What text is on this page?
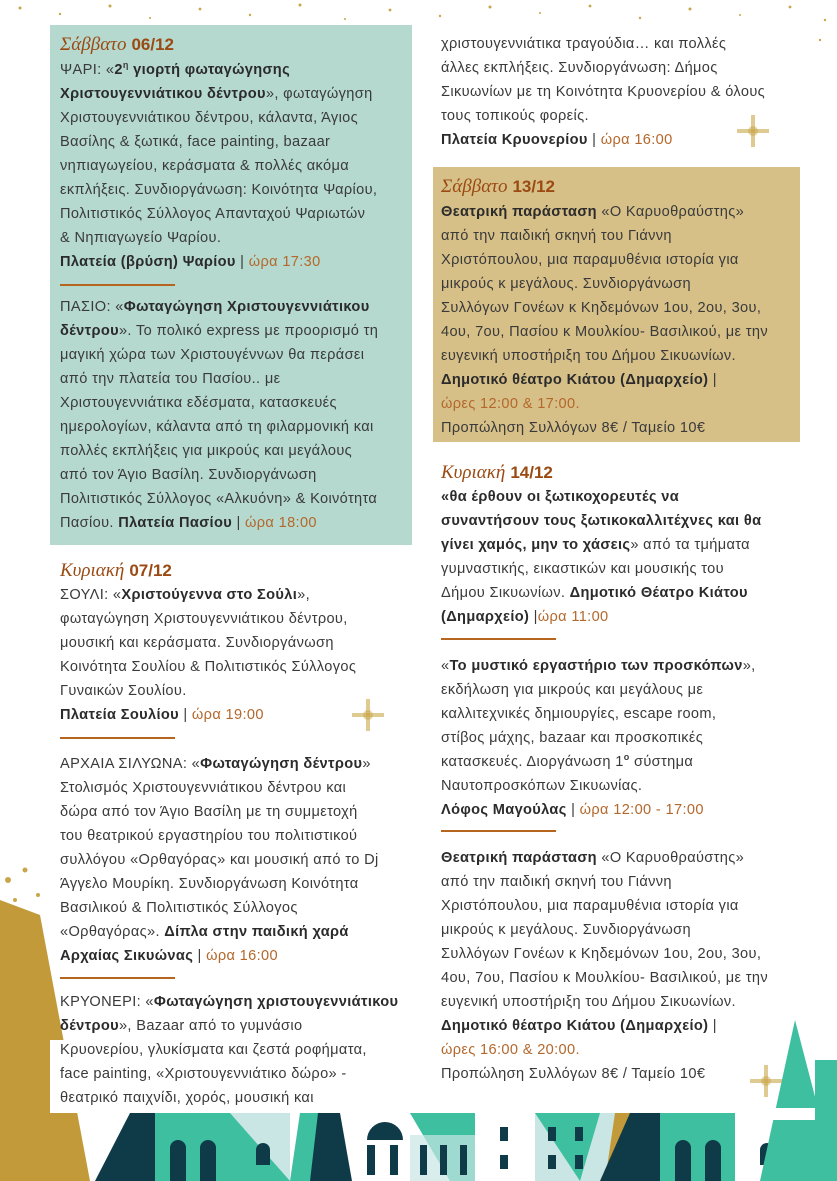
Σάββατο 06/12
Κυριακή 07/12
Σάββατο 13/12
Κυριακή 14/12
ΨΑΡΙ: «$2^\eta$ γιορτή φωταγώγησης
Χριστουγεννιάτικου δέντρου», φωταγώγηση
Χριστουγεννιάτικου δέντρου, κάλαντα, Άγιος
Βασίλης & ξωτικά, face painting, bazaar
νηπιαγωγείου, κεράσματα & πολλές ακόμα
εκπλήξεις. Συνδιοργάνωση: Κοινότητα Ψαρίου,
Πολιτιστικός Σύλλογος Απανταχού Ψαριωτών
& Νηπιαγωγείο Ψαρίου.
Πλατεία (βρύση) Ψαρίου | ώρα 17:30
ΠΑΣΙΟ: «Φωταγώγηση Χριστουγεννιάτικου
δέντρου». Το πολικό express με προορισμό τη
μαγική χώρα των Χριστουγέννων θα περάσει
από την πλατεία του Πασίου.. με
Χριστουγεννιάτικα εδέσματα, κατασκευές
ημερολογίων, κάλαντα από τη φιλαρμονική και
πολλές εκπλήξεις για μικρούς και μεγάλους
από τον Άγιο Βασίλη. Συνδιοργάνωση
Πολιτιστικός Σύλλογος «Αλκυόνη» & Κοινότητα
Πασίου. Πλατεία Πασίου | ώρα 18:00
ΣΟΥΛΙ: «Χριστούγεννα στο Σούλι»,
φωταγώγηση Χριστουγεννιάτικου δέντρου,
μουσική και κεράσματα. Συνδιοργάνωση
Κοινότητα Σουλίου & Πολιτιστικός Σύλλογος
Γυναικών Σουλίου.
Πλατεία Σουλίου | ώρα 19:00
ΑΡΧΑΙΑ ΣΙΛΥΩΝΑ: «Φωταγώγηση δέντρου»
Στολισμός Χριστουγεννιάτικου δέντρου και
δώρα από τον Άγιο Βασίλη με τη συμμετοχή
του θεατρικού εργαστηρίου του πολιτιστικού
συλλόγου «Ορθαγόρας» και μουσική από το Dj
Άγγελο Μουρίκη. Συνδιοργάνωση Κοινότητα
Βασιλικού & Πολιτιστικός Σύλλογος
«Ορθαγόρας». Δίπλα στην παιδική χαρά
Αρχαίας Σικυώνας | ώρα 16:00
ΚΡΥΟΝΕΡΙ: «Φωταγώγηση χριστουγεννιάτικου
δέντρου», Bazaar από το γυμνάσιο
Κρυονερίου, γλυκίσματα και ζεστά ροφήματα,
face painting, «Χριστουγεννιάτικο δώρο» -
θεατρικό παιχνίδι, χορός, μουσική και
χριστουγεννιάτικα τραγούδια… και πολλές
άλλες εκπλήξεις. Συνδιοργάνωση: Δήμος
Σικυωνίων με τη Κοινότητα Κρυονερίου & όλους
τους τοπικούς φορείς.
Πλατεία Κρυονερίου | ώρα 16:00
Θεατρική παράσταση «Ο Καρυοθραύστης»
από την παιδική σκηνή του Γιάννη
Χριστόπουλου, μια παραμυθένια ιστορία για
μικρούς κ μεγάλους. Συνδιοργάνωση
Συλλόγων Γονέων κ Κηδεμόνων 1ου, 2ου, 3ου,
4ου, 7ου, Πασίου κ Μουλκίου- Βασιλικού, με την
ευγενική υποστήριξη του Δήμου Σικυωνίων.
Δημοτικό θέατρο Κιάτου (Δημαρχείο) |
ώρες 12:00 & 17:00.
Προπώληση Συλλόγων 8€ / Ταμείο 10€
«θα έρθουν οι ξωτικοχορευτές να
συναντήσουν τους ξωτικοκαλλιτέχνες και θα
γίνει χαμός, μην το χάσεις» από τα τμήματα
γυμναστικής, εικαστικών και μουσικής του
Δήμου Σικυωνίων. Δημοτικό Θέατρο Κιάτου
(Δημαρχείο) |ώρα 11:00
«Το μυστικό εργαστήριο των προσκόπων»,
εκδήλωση για μικρούς και μεγάλους με
καλλιτεχνικές δημιουργίες, escape room,
στίβος μάχης, bazaar και προσκοπικές
κατασκευές. Διοργάνωση $1^o$ σύστημα
Ναυτοπροσκόπων Σικυωνίας.
Λόφος Μαγούλας | ώρα 12:00 - 17:00
Θεατρική παράσταση «Ο Καρυοθραύστης»
από την παιδική σκηνή του Γιάννη
Χριστόπουλου, μια παραμυθένια ιστορία για
μικρούς κ μεγάλους. Συνδιοργάνωση
Συλλόγων Γονέων κ Κηδεμόνων 1ου, 2ου, 3ου,
4ου, 7ου, Πασίου κ Μουλκίου- Βασιλικού, με την
ευγενική υποστήριξη του Δήμου Σικυωνίων.
Δημοτικό θέατρο Κιάτου (Δημαρχείο) |
ώρες 16:00 & 20:00.
Προπώληση Συλλόγων 8€ / Ταμείο 10€
